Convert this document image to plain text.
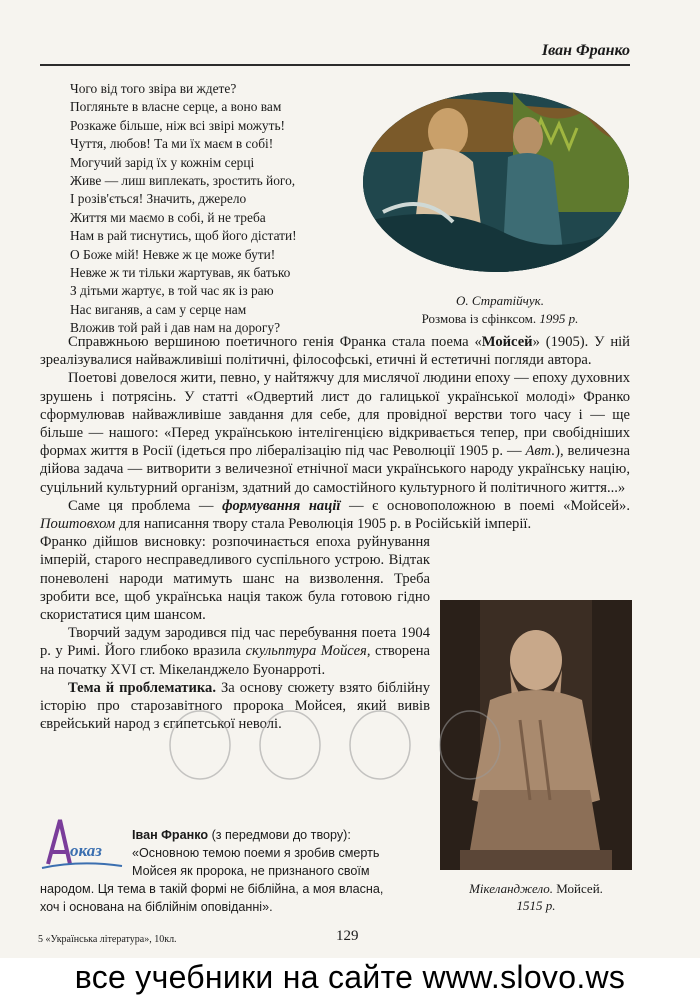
Іван Франко
Чого від того звіра ви ждете?
Погляньте в власне серце, а воно вам
Розкаже більше, ніж всі звірі можуть!
Чуття, любов! Та ми їх маєм в собі!
Могучий зарід їх у кожнім серці
Живе — лиш виплекать, зростить його,
І розів'ється! Значить, джерело
Життя ми маємо в собі, й не треба
Нам в рай тиснутись, щоб його дістати!
О Боже мій! Невже ж це може бути!
Невже ж ти тільки жартував, як батько
З дітьми жартує, в той час як із раю
Нас виганяв, а сам у серце нам
Вложив той рай і дав нам на дорогу?
О. Стратійчук.
Розмова із сфінксом. 1995 р.

Справжньою вершиною поетичного генія Франка стала поема «Мойсей» (1905). У ній зреалізувалися найважливіші політичні, філософські, етичні й естетичні погляди автора.

Поетові довелося жити, певно, у найтяжчу для мислячої людини епоху — епоху духовних зрушень і потрясінь. У статті «Одвертий лист до галицької української молоді» Франко сформулював найважливіше завдання для себе, для провідної верстви того часу і — ще більше — нашого: «Перед українською інтелігенцією відкривається тепер, при свобідніших формах життя в Росії (ідеться про лібералізацію під час Революції 1905 р. — Авт.), величезна дійова задача — витворити з величезної етнічної маси українського народу українську націю, суцільний культурний організм, здатний до самостійного культурного й політичного життя...»

Саме ця проблема — формування нації — є основоположною в поемі «Мойсей». Поштовхом для написання твору стала Революція 1905 р. в Російській імперії.

Франко дійшов висновку: розпочинається епоха руйнування імперій, старого несправедливого суспільного устрою. Відтак поневолені народи матимуть шанс на визволення. Треба зробити все, щоб українська нація також була готовою гідно скористатися цим шансом.

Творчий задум зародився під час перебування поета 1904 р. у Римі. Його глибоко вразила скульптура Мойсея, створена на початку XVI ст. Мікеланджело Буонарроті.

Тема й проблематика. За основу сюжету взято біблійну історію про старозавітного пророка Мойсея, який вивів єврейський народ з єгипетської неволі.

Мікеланджело. Мойсей.
1515 р.
оказ
Іван Франко (з передмови до твору):
«Основною темою поеми я зробив смерть
Мойсея як пророка, не признаного своїм
народом. Ця тема в такій формі не біблійна, а моя власна,
хоч і основана на біблійнім оповіданні».
5 «Українська література», 10кл.	129
все учебники на сайте www.slovo.ws
